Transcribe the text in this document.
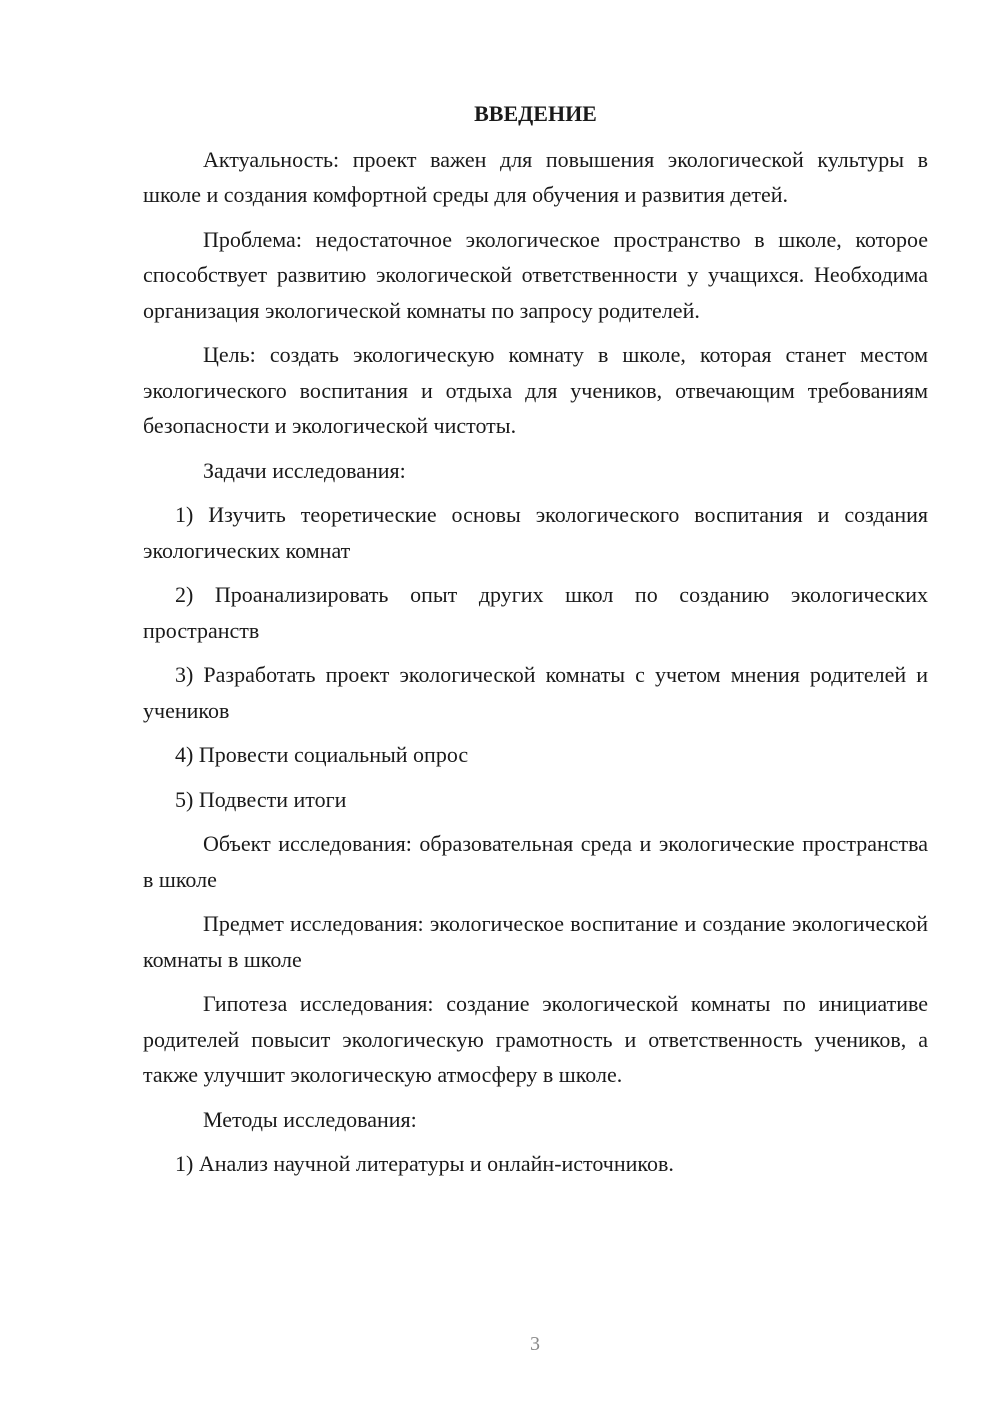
ВВЕДЕНИЕ

Актуальность: проект важен для повышения экологической культуры в школе и создания комфортной среды для обучения и развития детей.

Проблема: недостаточное экологическое пространство в школе, которое способствует развитию экологической ответственности у учащихся. Необходима организация экологической комнаты по запросу родителей.

Цель: создать экологическую комнату в школе, которая станет местом экологического воспитания и отдыха для учеников, отвечающим требованиям безопасности и экологической чистоты.

Задачи исследования:

1) Изучить теоретические основы экологического воспитания и создания экологических комнат

2) Проанализировать опыт других школ по созданию экологических пространств

3) Разработать проект экологической комнаты с учетом мнения родителей и учеников

4) Провести социальный опрос

5) Подвести итоги

Объект исследования: образовательная среда и экологические пространства в школе

Предмет исследования: экологическое воспитание и создание экологической комнаты в школе

Гипотеза исследования: создание экологической комнаты по инициативе родителей повысит экологическую грамотность и ответственность учеников, а также улучшит экологическую атмосферу в школе.

Методы исследования:

1) Анализ научной литературы и онлайн-источников.

3
